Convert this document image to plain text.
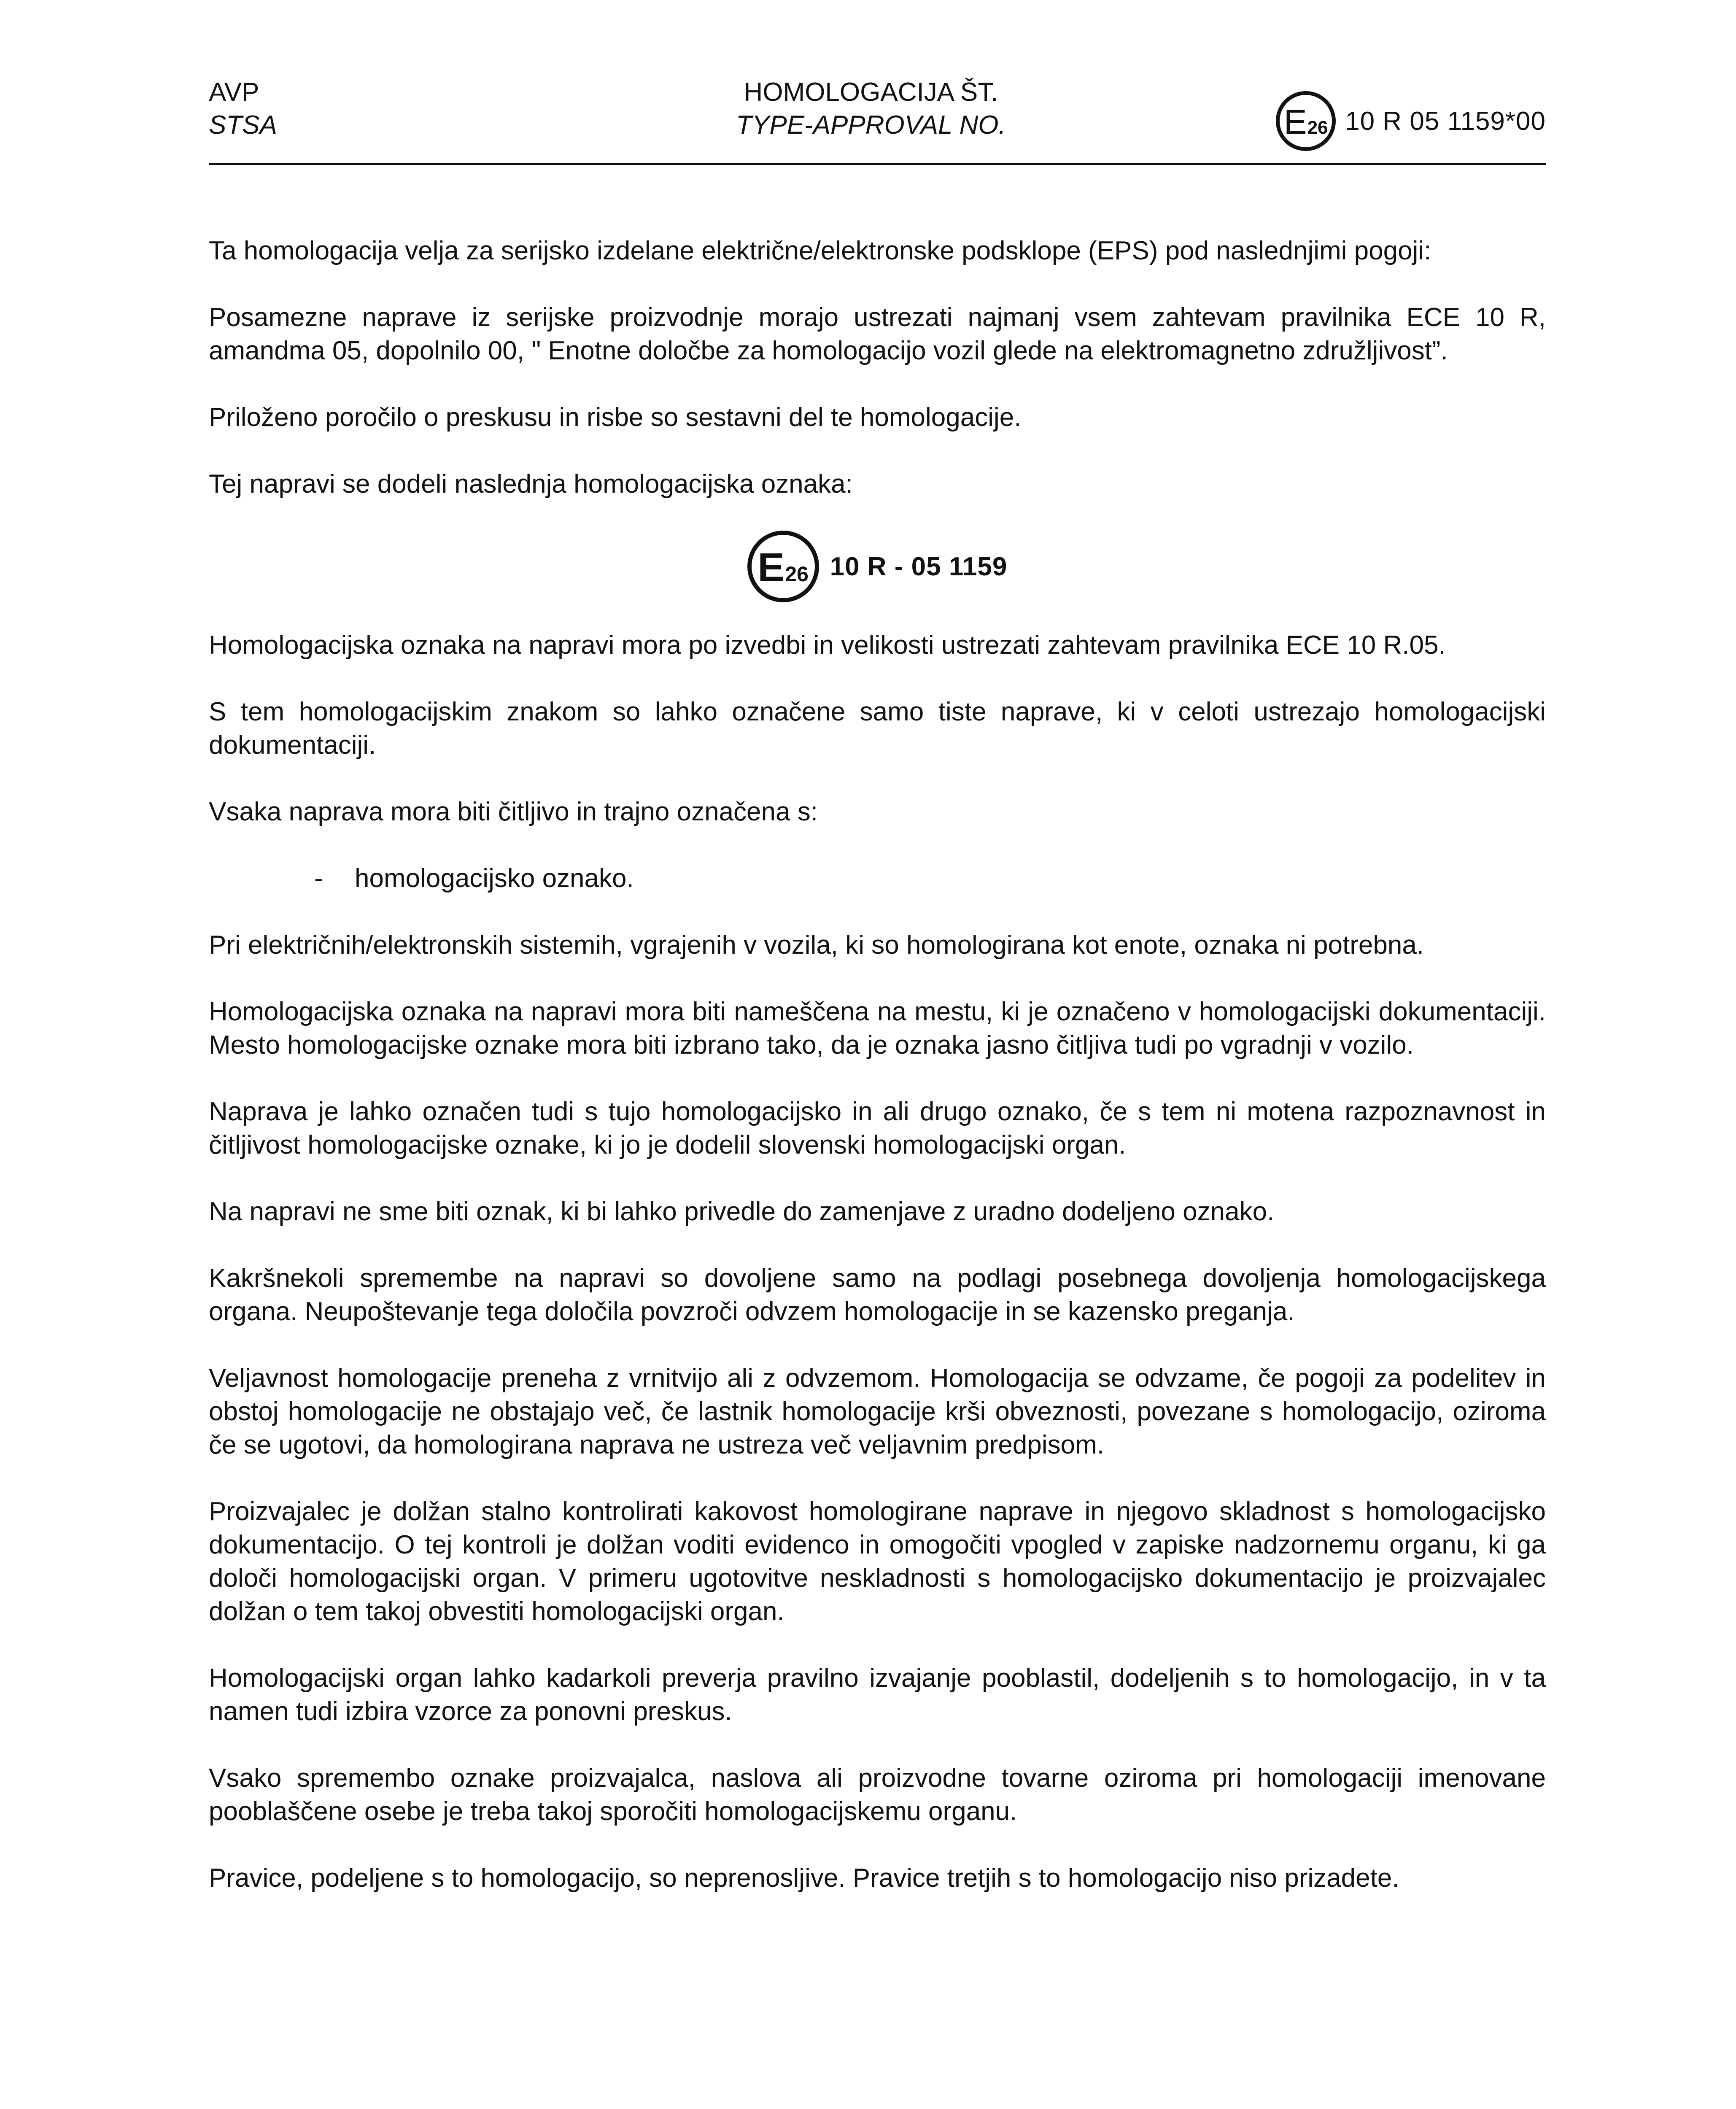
AVP
STSA
HOMOLOGACIJA ŠT.
TYPE-APPROVAL NO.	E 26 10 R 05 1159*00

Ta homologacija velja za serijsko izdelane električne/elektronske podsklope (EPS) pod naslednjimi pogoji:

Posamezne naprave iz serijske proizvodnje morajo ustrezati najmanj vsem zahtevam pravilnika ECE 10 R, amandma 05, dopolnilo 00, " Enotne določbe za homologacijo vozil glede na elektromagnetno združljivost”.

Priloženo poročilo o preskusu in risbe so sestavni del te homologacije.

Tej napravi se dodeli naslednja homologacijska oznaka:

E 26 10 R - 05 1159

Homologacijska oznaka na napravi mora po izvedbi in velikosti ustrezati zahtevam pravilnika ECE 10 R.05.

S tem homologacijskim znakom so lahko označene samo tiste naprave, ki v celoti ustrezajo homologacijski dokumentaciji.

Vsaka naprava mora biti čitljivo in trajno označena s:

-	homologacijsko oznako.

Pri električnih/elektronskih sistemih, vgrajenih v vozila, ki so homologirana kot enote, oznaka ni potrebna.

Homologacijska oznaka na napravi mora biti nameščena na mestu, ki je označeno v homologacijski dokumentaciji. Mesto homologacijske oznake mora biti izbrano tako, da je oznaka jasno čitljiva tudi po vgradnji v vozilo.

Naprava je lahko označen tudi s tujo homologacijsko in ali drugo oznako, če s tem ni motena razpoznavnost in čitljivost homologacijske oznake, ki jo je dodelil slovenski homologacijski organ.

Na napravi ne sme biti oznak, ki bi lahko privedle do zamenjave z uradno dodeljeno oznako.

Kakršnekoli spremembe na napravi so dovoljene samo na podlagi posebnega dovoljenja homologacijskega organa. Neupoštevanje tega določila povzroči odvzem homologacije in se kazensko preganja.

Veljavnost homologacije preneha z vrnitvijo ali z odvzemom. Homologacija se odvzame, če pogoji za podelitev in obstoj homologacije ne obstajajo več, če lastnik homologacije krši obveznosti, povezane s homologacijo, oziroma če se ugotovi, da homologirana naprava ne ustreza več veljavnim predpisom.

Proizvajalec je dolžan stalno kontrolirati kakovost homologirane naprave in njegovo skladnost s homologacijsko dokumentacijo. O tej kontroli je dolžan voditi evidenco in omogočiti vpogled v zapiske nadzornemu organu, ki ga določi homologacijski organ. V primeru ugotovitve neskladnosti s homologacijsko dokumentacijo je proizvajalec dolžan o tem takoj obvestiti homologacijski organ.

Homologacijski organ lahko kadarkoli preverja pravilno izvajanje pooblastil, dodeljenih s to homologacijo, in v ta namen tudi izbira vzorce za ponovni preskus.

Vsako spremembo oznake proizvajalca, naslova ali proizvodne tovarne oziroma pri homologaciji imenovane pooblaščene osebe je treba takoj sporočiti homologacijskemu organu.

Pravice, podeljene s to homologacijo, so neprenosljive. Pravice tretjih s to homologacijo niso prizadete.
